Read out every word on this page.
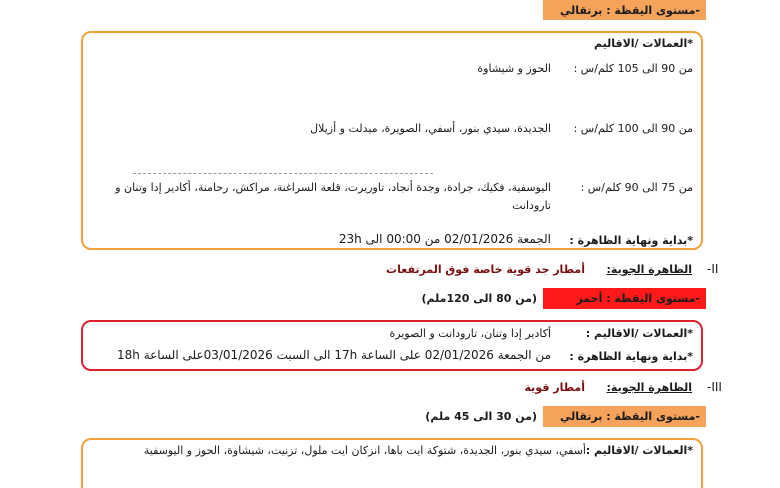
-مستوى اليقظة : برتقالي
*العمالات /الاقاليم
من 90 الى 105 كلم/س :
الحوز و شيشاوة
من 90 الى 100 كلم/س :
الجديدة، سيدي بنور، أسفي، الصويرة، ميدلت و أزيلال
من 75 الى 90 كلم/س :
اليوسفية، فكيك، جرادة، وجدة أنجاد، تاوريرت، قلعة السراغنة، مراكش، رحامنة، أكادير إدا وتنان و
تارودانت
*بداية ونهاية الظاهرة :
الجمعة 02/01/2026 من 00:00 الى 23h
-II
الظاهرة الجوية:
أمطار جد قوية خاصة فوق المرتفعات
(من 80 الى 120ملم)	-مستوى اليقظة : أحمر
*العمالات /الاقاليم :
أكادير إدا وتنان، تارودانت و الصويرة
*بداية ونهاية الظاهرة :
من الجمعة 02/01/2026 على الساعة 17h الى السبت 03/01/2026على الساعة 18h
-III
الظاهرة الجوية:
أمطار قوية
(من 30 الى 45 ملم) -مستوى اليقظة : برتقالي
*العمالات /الاقاليم :
أسفي، سيدي بنور، الجديدة، شتوكة ايت باها، انزكان ايت ملول، تزنيت، شيشاوة، الحوز و اليوسفية
